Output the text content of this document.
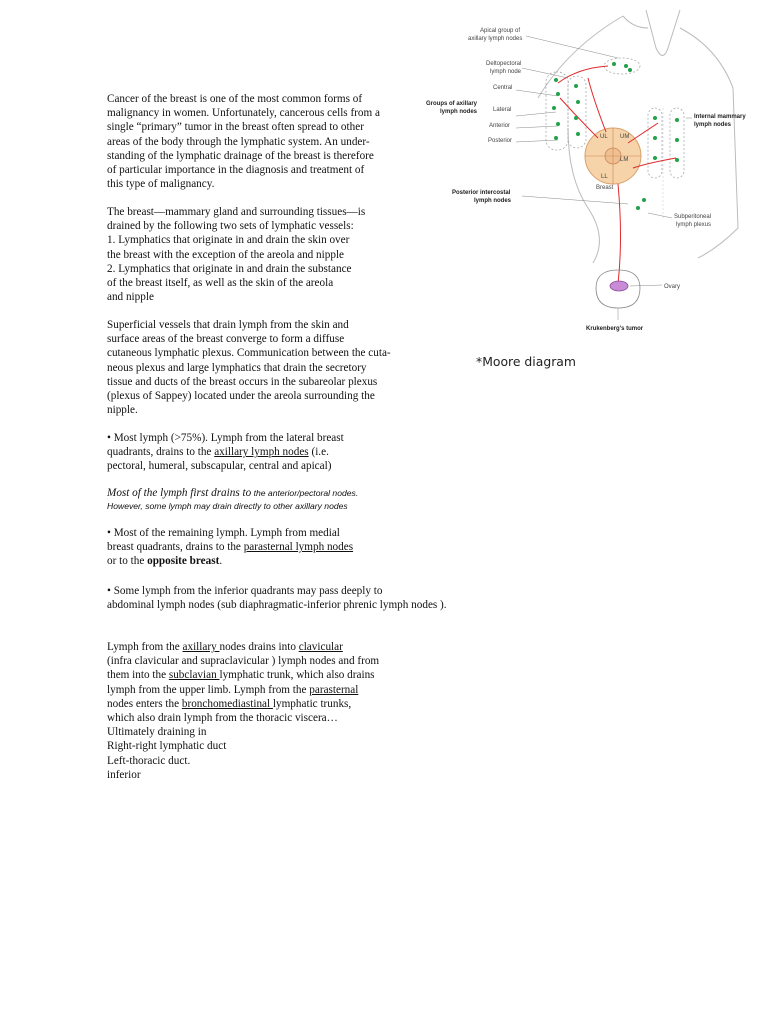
Cancer of the breast is one of the most common forms of
malignancy in women. Unfortunately, cancerous cells from a
single “primary” tumor in the breast often spread to other
areas of the body through the lymphatic system. An under-
standing of the lymphatic drainage of the breast is therefore
of particular importance in the diagnosis and treatment of
this type of malignancy.
The breast—mammary gland and surrounding tissues—is
drained by the following two sets of lymphatic vessels:
1. Lymphatics that originate in and drain the skin over
the breast with the exception of the areola and nipple
2. Lymphatics that originate in and drain the substance
of the breast itself, as well as the skin of the areola
and nipple
Superficial vessels that drain lymph from the skin and
surface areas of the breast converge to form a diffuse
cutaneous lymphatic plexus. Communication between the cuta-
neous plexus and large lymphatics that drain the secretory
tissue and ducts of the breast occurs in the subareolar plexus
(plexus of Sappey) located under the areola surrounding the
nipple.
• Most lymph (>75%). Lymph from the lateral breast
quadrants, drains to the axillary lymph nodes (i.e.
pectoral, humeral, subscapular, central and apical)
Most of the lymph first drains to the anterior/pectoral nodes.
However, some lymph may drain directly to other axillary nodes
• Most of the remaining lymph. Lymph from medial
breast quadrants, drains to the parasternal lymph nodes
or to the opposite breast.
• Some lymph from the inferior quadrants may pass deeply to
abdominal lymph nodes (sub diaphragmatic-inferior phrenic lymph nodes ).
Lymph from the axillary nodes drains into clavicular
(infra clavicular and supraclavicular ) lymph nodes and from
them into the subclavian lymphatic trunk, which also drains
lymph from the upper limb. Lymph from the parasternal
nodes enters the bronchomediastinal lymphatic trunks,
which also drain lymph from the thoracic viscera…
Ultimately draining in
Right-right lymphatic duct
Left-thoracic duct.
inferior
UL UM
LL
LM
Apical group of
axillary lymph nodes
Deltopectoral
lymph node
Central
Groups of axillary
lymph nodes	Lateral
Anterior
Posterior
Internal mammary
lymph nodes
Posterior intercostal
lymph nodes
Breast
Subperitoneal
lymph plexus
Ovary
Krukenberg's tumor
*Moore diagram
